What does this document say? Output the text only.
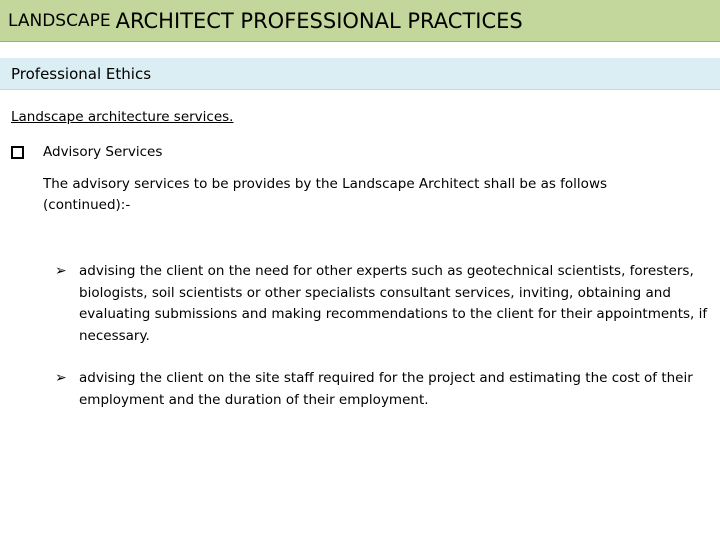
LANDSCAPE ARCHITECT PROFESSIONAL PRACTICES
Professional Ethics
Landscape architecture services.
Advisory Services
The advisory services to be provides by the Landscape Architect shall be as follows (continued):-
➢ advising the client on the need for other experts such as geotechnical scientists, foresters, biologists, soil scientists or other specialists consultant services, inviting, obtaining and evaluating submissions and making recommendations to the client for their appointments, if necessary.
➢ advising the client on the site staff required for the project and estimating the cost of their employment and the duration of their employment.
